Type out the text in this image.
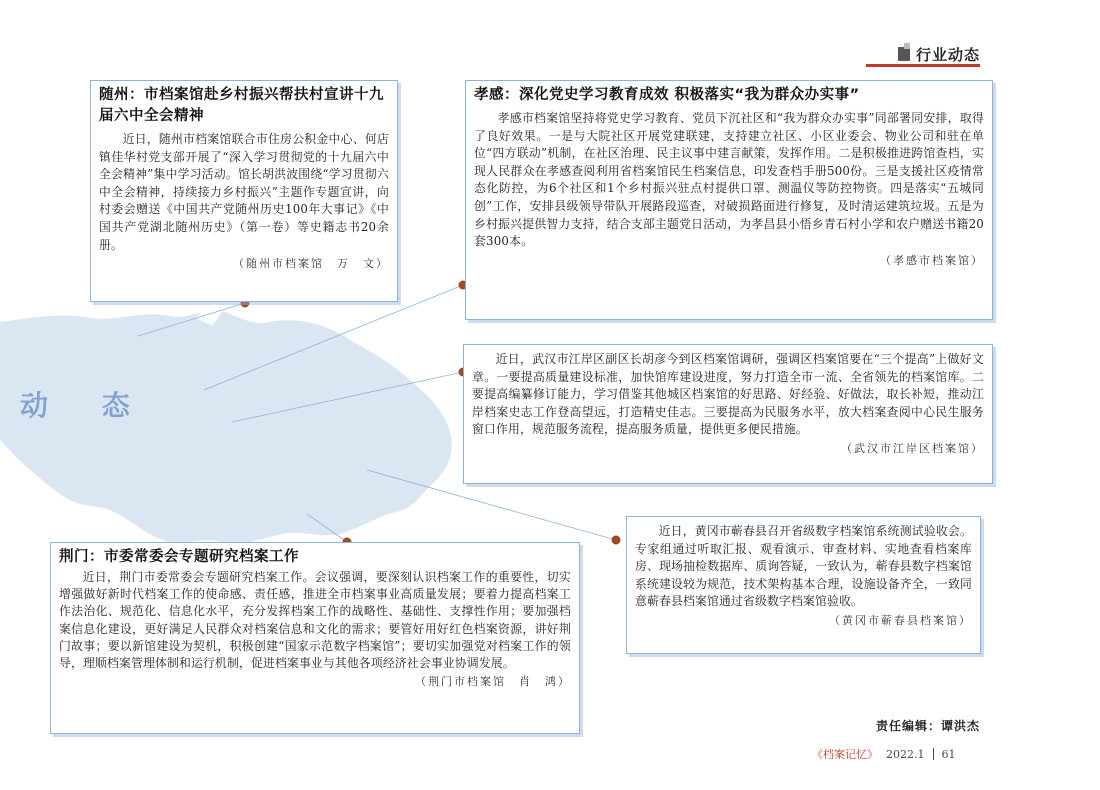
动 态
行业动态
随州：市档案馆赴乡村振兴帮扶村宣讲十九届六中全会精神

近日，随州市档案馆联合市住房公积金中心、何店镇佳华村党支部开展了“深入学习贯彻党的十九届六中全会精神”集中学习活动。馆长胡洪波围绕“学习贯彻六中全会精神，持续接力乡村振兴”主题作专题宣讲，向村委会赠送《中国共产党随州历史100年大事记》《中国共产党湖北随州历史》（第一卷）等史籍志书20余册。

（随州市档案馆　万　文）
孝感：深化党史学习教育成效 积极落实“我为群众办实事”

孝感市档案馆坚持将党史学习教育、党员下沉社区和“我为群众办实事”同部署同安排，取得了良好效果。一是与大院社区开展党建联建，支持建立社区、小区业委会、物业公司和驻在单位“四方联动”机制，在社区治理、民主议事中建言献策，发挥作用。二是积极推进跨馆查档，实现人民群众在孝感查阅利用省档案馆民生档案信息，印发查档手册500份。三是支援社区疫情常态化防控，为6个社区和1个乡村振兴驻点村提供口罩、测温仪等防控物资。四是落实“五城同创”工作，安排县级领导带队开展路段巡查，对破损路面进行修复，及时清运建筑垃圾。五是为乡村振兴提供智力支持，结合支部主题党日活动，为孝昌县小悟乡青石村小学和农户赠送书籍20套300本。

（孝感市档案馆）

近日，武汉市江岸区副区长胡彦今到区档案馆调研，强调区档案馆要在“三个提高”上做好文章。一要提高质量建设标准，加快馆库建设进度，努力打造全市一流、全省领先的档案馆库。二要提高编纂修订能力，学习借鉴其他城区档案馆的好思路、好经验、好做法，取长补短，推动江岸档案史志工作登高望远，打造精史佳志。三要提高为民服务水平，放大档案查阅中心民生服务窗口作用，规范服务流程，提高服务质量，提供更多便民措施。

（武汉市江岸区档案馆）

近日，黄冈市蕲春县召开省级数字档案馆系统测试验收会。专家组通过听取汇报、观看演示、审查材料、实地查看档案库房、现场抽检数据库、质询答疑，一致认为，蕲春县数字档案馆系统建设较为规范，技术架构基本合理，设施设备齐全，一致同意蕲春县档案馆通过省级数字档案馆验收。

（黄冈市蕲春县档案馆）
荆门：市委常委会专题研究档案工作

近日，荆门市委常委会专题研究档案工作。会议强调，要深刻认识档案工作的重要性，切实增强做好新时代档案工作的使命感、责任感，推进全市档案事业高质量发展；要着力提高档案工作法治化、规范化、信息化水平，充分发挥档案工作的战略性、基础性、支撑性作用；要加强档案信息化建设，更好满足人民群众对档案信息和文化的需求；要管好用好红色档案资源，讲好荆门故事；要以新馆建设为契机，积极创建“国家示范数字档案馆”；要切实加强党对档案工作的领导，理顺档案管理体制和运行机制，促进档案事业与其他各项经济社会事业协调发展。

（荆门市档案馆　肖　鸿）
责任编辑：谭洪杰
《档案记忆》 2022.1 61
